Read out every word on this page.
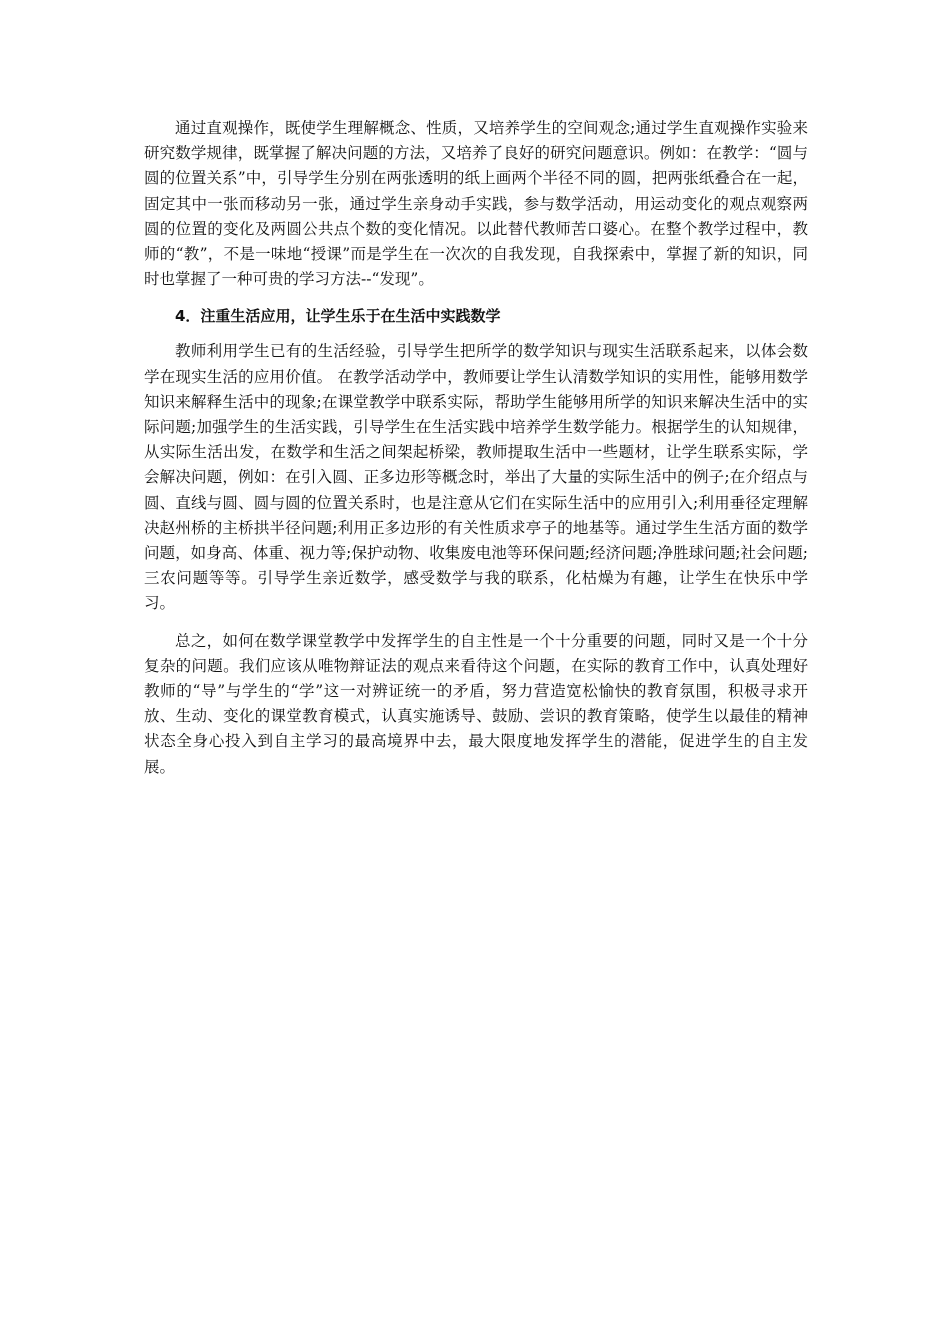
通过直观操作，既使学生理解概念、性质，又培养学生的空间观念;通过学生直观操作实验来研究数学规律，既掌握了解决问题的方法，又培养了良好的研究问题意识。例如：在教学：“圆与圆的位置关系”中，引导学生分别在两张透明的纸上画两个半径不同的圆，把两张纸叠合在一起，固定其中一张而移动另一张，通过学生亲身动手实践，参与数学活动，用运动变化的观点观察两圆的位置的变化及两圆公共点个数的变化情况。以此替代教师苦口婆心。在整个教学过程中，教师的“教”，不是一味地“授课”而是学生在一次次的自我发现，自我探索中，掌握了新的知识，同时也掌握了一种可贵的学习方法--“发现”。

4．注重生活应用，让学生乐于在生活中实践数学

教师利用学生已有的生活经验，引导学生把所学的数学知识与现实生活联系起来，以体会数学在现实生活的应用价值。 在教学活动学中，教师要让学生认清数学知识的实用性，能够用数学知识来解释生活中的现象;在课堂教学中联系实际，帮助学生能够用所学的知识来解决生活中的实际问题;加强学生的生活实践，引导学生在生活实践中培养学生数学能力。根据学生的认知规律，从实际生活出发，在数学和生活之间架起桥梁，教师提取生活中一些题材，让学生联系实际，学会解决问题，例如：在引入圆、正多边形等概念时，举出了大量的实际生活中的例子;在介绍点与圆、直线与圆、圆与圆的位置关系时，也是注意从它们在实际生活中的应用引入;利用垂径定理解决赵州桥的主桥拱半径问题;利用正多边形的有关性质求亭子的地基等。通过学生生活方面的数学问题，如身高、体重、视力等;保护动物、收集废电池等环保问题;经济问题;净胜球问题;社会问题;三农问题等等。引导学生亲近数学，感受数学与我的联系，化枯燥为有趣，让学生在快乐中学习。

总之，如何在数学课堂教学中发挥学生的自主性是一个十分重要的问题，同时又是一个十分复杂的问题。我们应该从唯物辩证法的观点来看待这个问题，在实际的教育工作中，认真处理好教师的“导”与学生的“学”这一对辨证统一的矛盾，努力营造宽松愉快的教育氛围，积极寻求开放、生动、变化的课堂教育模式，认真实施诱导、鼓励、尝识的教育策略，使学生以最佳的精神状态全身心投入到自主学习的最高境界中去，最大限度地发挥学生的潜能，促进学生的自主发展。
